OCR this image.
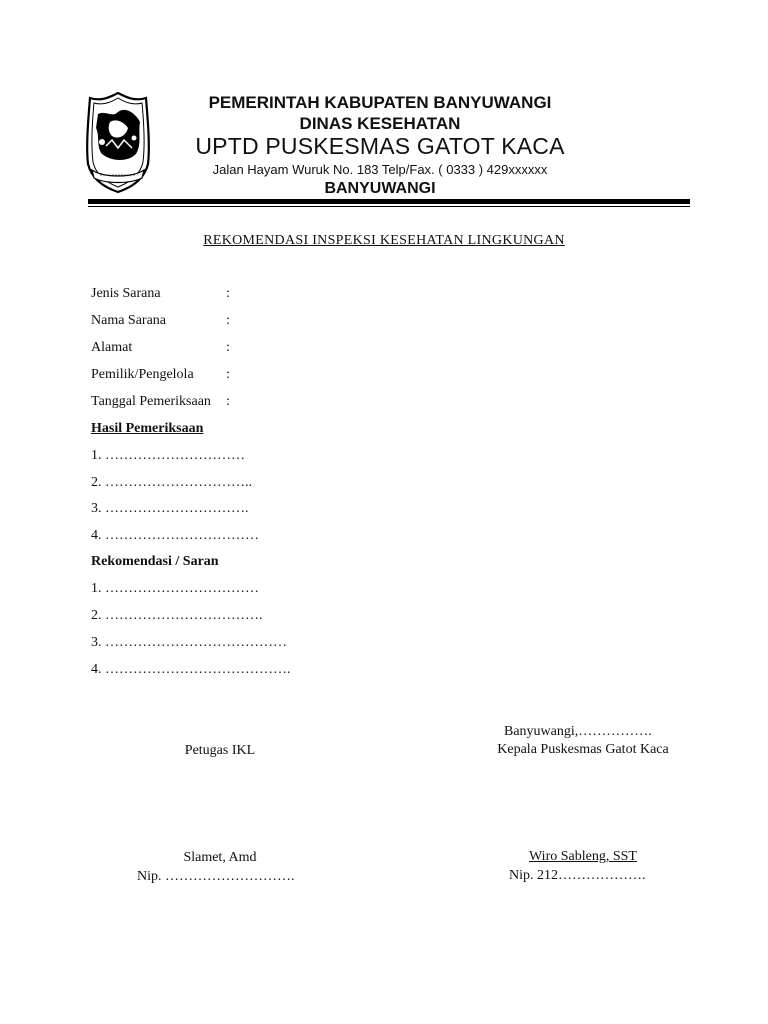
PEMERINTAH KABUPATEN BANYUWANGI
DINAS KESEHATAN
UPTD PUSKESMAS GATOT KACA
Jalan Hayam Wuruk No. 183 Telp/Fax. ( 0333 ) 429xxxxxx
BANYUWANGI
REKOMENDASI INSPEKSI KESEHATAN LINGKUNGAN
Jenis Sarana	:
Nama Sarana	:
Alamat	:
Pemilik/Pengelola :
Tanggal Pemeriksaan :
Hasil Pemeriksaan
1. …………………………
2. …………………………..
3. ………………………….
4. ……………………………
Rekomendasi / Saran
1. ……………………………
2. …………………………….
3. …………………………………
4. ………………………………….
Banyuwangi,…………….
Petugas IKL	Kepala Puskesmas Gatot Kaca
Slamet, Amd
Nip. ……………………….
Wiro Sableng, SST
Nip. 212……………….
